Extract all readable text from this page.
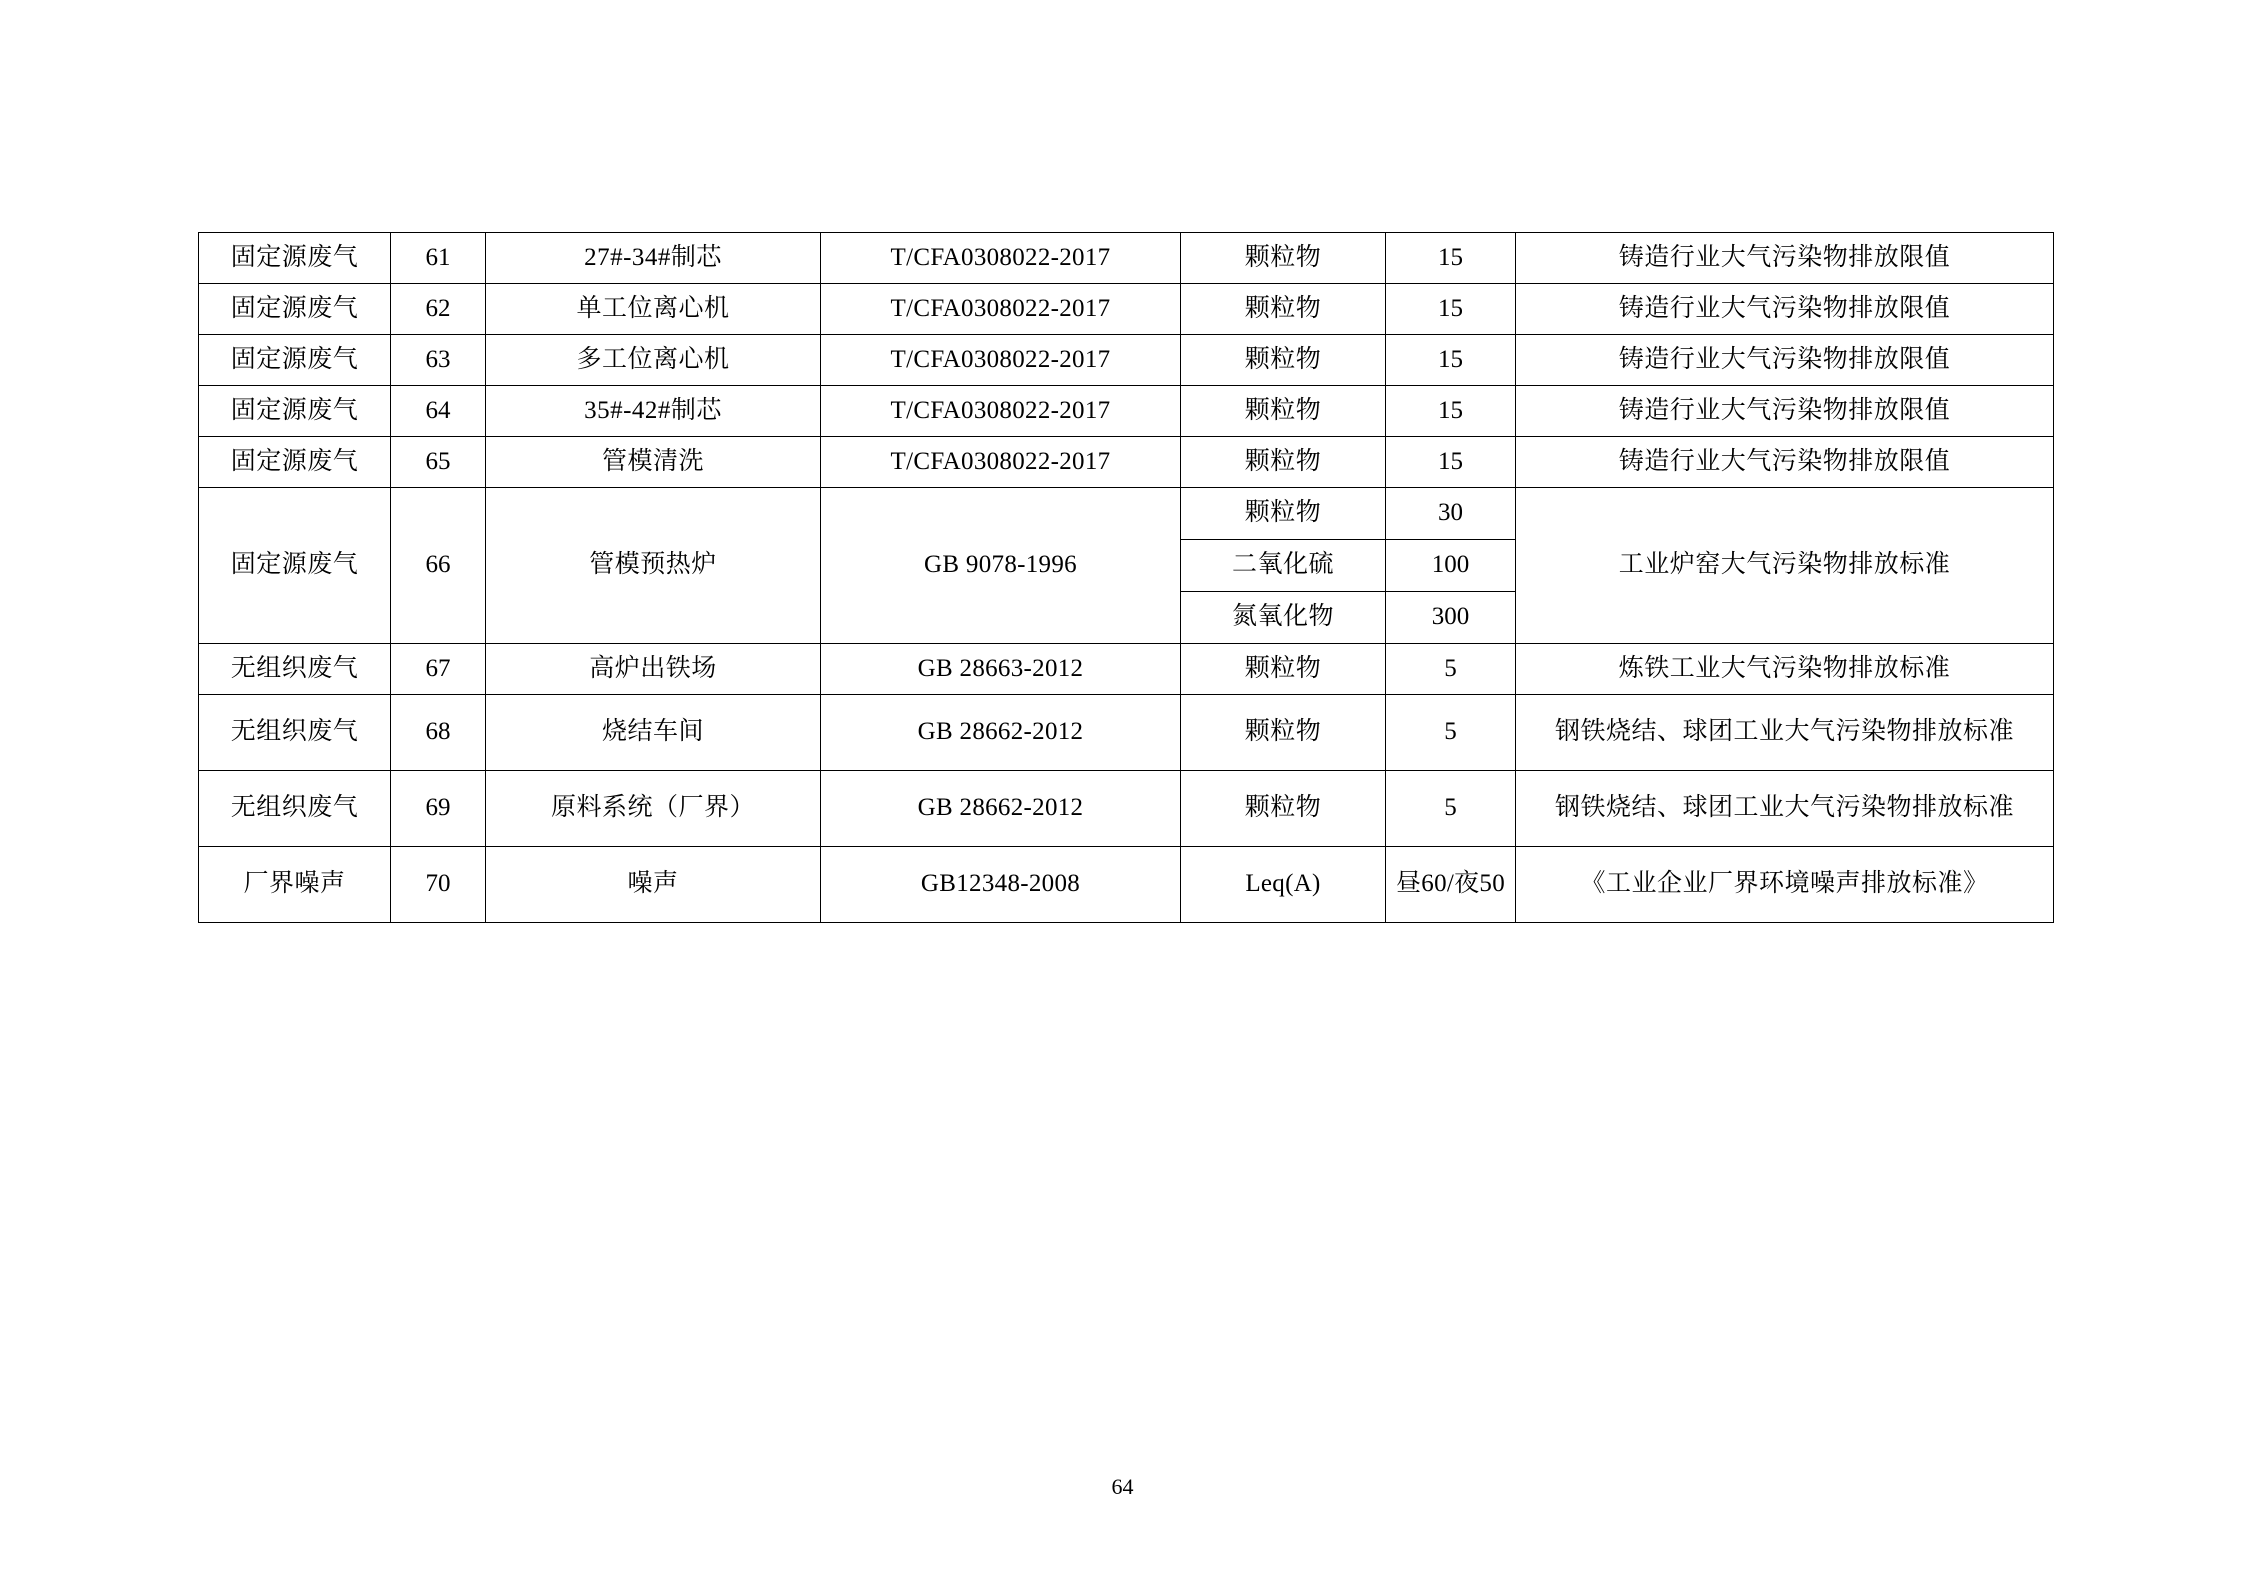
固定源废气	61	27#-34#制芯	T/CFA0308022-2017	颗粒物	15	铸造行业大气污染物排放限值
固定源废气	62	单工位离心机	T/CFA0308022-2017	颗粒物	15	铸造行业大气污染物排放限值
固定源废气	63	多工位离心机	T/CFA0308022-2017	颗粒物	15	铸造行业大气污染物排放限值
固定源废气	64	35#-42#制芯	T/CFA0308022-2017	颗粒物	15	铸造行业大气污染物排放限值
固定源废气	65	管模清洗	T/CFA0308022-2017	颗粒物	15	铸造行业大气污染物排放限值
固定源废气	66	管模预热炉	GB 9078-1996	颗粒物	30	工业炉窑大气污染物排放标准
				二氧化硫	100	
				氮氧化物	300	
无组织废气	67	高炉出铁场	GB 28663-2012	颗粒物	5	炼铁工业大气污染物排放标准
无组织废气	68	烧结车间	GB 28662-2012	颗粒物	5	钢铁烧结、球团工业大气污染物排放标准
无组织废气	69	原料系统（厂界）	GB 28662-2012	颗粒物	5	钢铁烧结、球团工业大气污染物排放标准
厂界噪声	70	噪声	GB12348-2008	Leq(A)	昼60/夜50	《工业企业厂界环境噪声排放标准》
64
